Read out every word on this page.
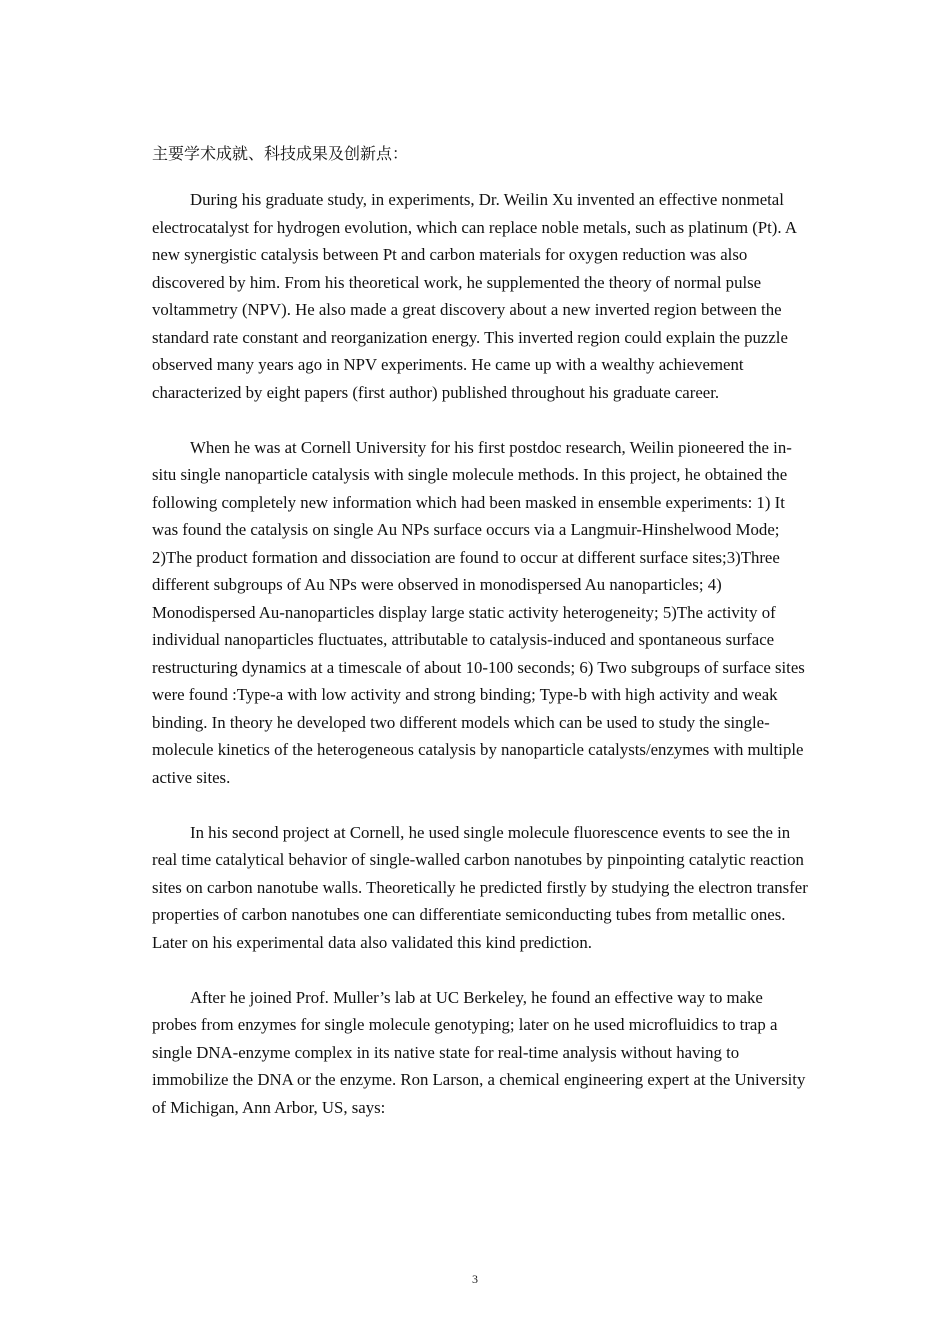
主要学术成就、科技成果及创新点：

During his graduate study, in experiments, Dr. Weilin Xu invented an effective nonmetal electrocatalyst for hydrogen evolution, which can replace noble metals, such as platinum (Pt). A new synergistic catalysis between Pt and carbon materials for oxygen reduction was also discovered by him. From his theoretical work, he supplemented the theory of normal pulse voltammetry (NPV). He also made a great discovery about a new inverted region between the standard rate constant and reorganization energy. This inverted region could explain the puzzle observed many years ago in NPV experiments. He came up with a wealthy achievement characterized by eight papers (first author) published throughout his graduate career.

When he was at Cornell University for his first postdoc research, Weilin pioneered the in-situ single nanoparticle catalysis with single molecule methods. In this project, he obtained the following completely new information which had been masked in ensemble experiments: 1) It was found the catalysis on single Au NPs surface occurs via a Langmuir-Hinshelwood Mode; 2)The product formation and dissociation are found to occur at different surface sites;3)Three different subgroups of Au NPs were observed in monodispersed Au nanoparticles; 4) Monodispersed Au-nanoparticles display large static activity heterogeneity; 5)The activity of individual nanoparticles fluctuates, attributable to catalysis-induced and spontaneous surface restructuring dynamics at a timescale of about 10-100 seconds; 6) Two subgroups of surface sites were found :Type-a with low activity and strong binding; Type-b with high activity and weak binding. In theory he developed two different models which can be used to study the single-molecule kinetics of the heterogeneous catalysis by nanoparticle catalysts/enzymes with multiple active sites.

In his second project at Cornell, he used single molecule fluorescence events to see the in real time catalytical behavior of single-walled carbon nanotubes by pinpointing catalytic reaction sites on carbon nanotube walls. Theoretically he predicted firstly by studying the electron transfer properties of carbon nanotubes one can differentiate semiconducting tubes from metallic ones. Later on his experimental data also validated this kind prediction.

After he joined Prof. Muller’s lab at UC Berkeley, he found an effective way to make probes from enzymes for single molecule genotyping; later on he used microfluidics to trap a single DNA-enzyme complex in its native state for real-time analysis without having to immobilize the DNA or the enzyme. Ron Larson, a chemical engineering expert at the University of Michigan, Ann Arbor, US, says:

3
